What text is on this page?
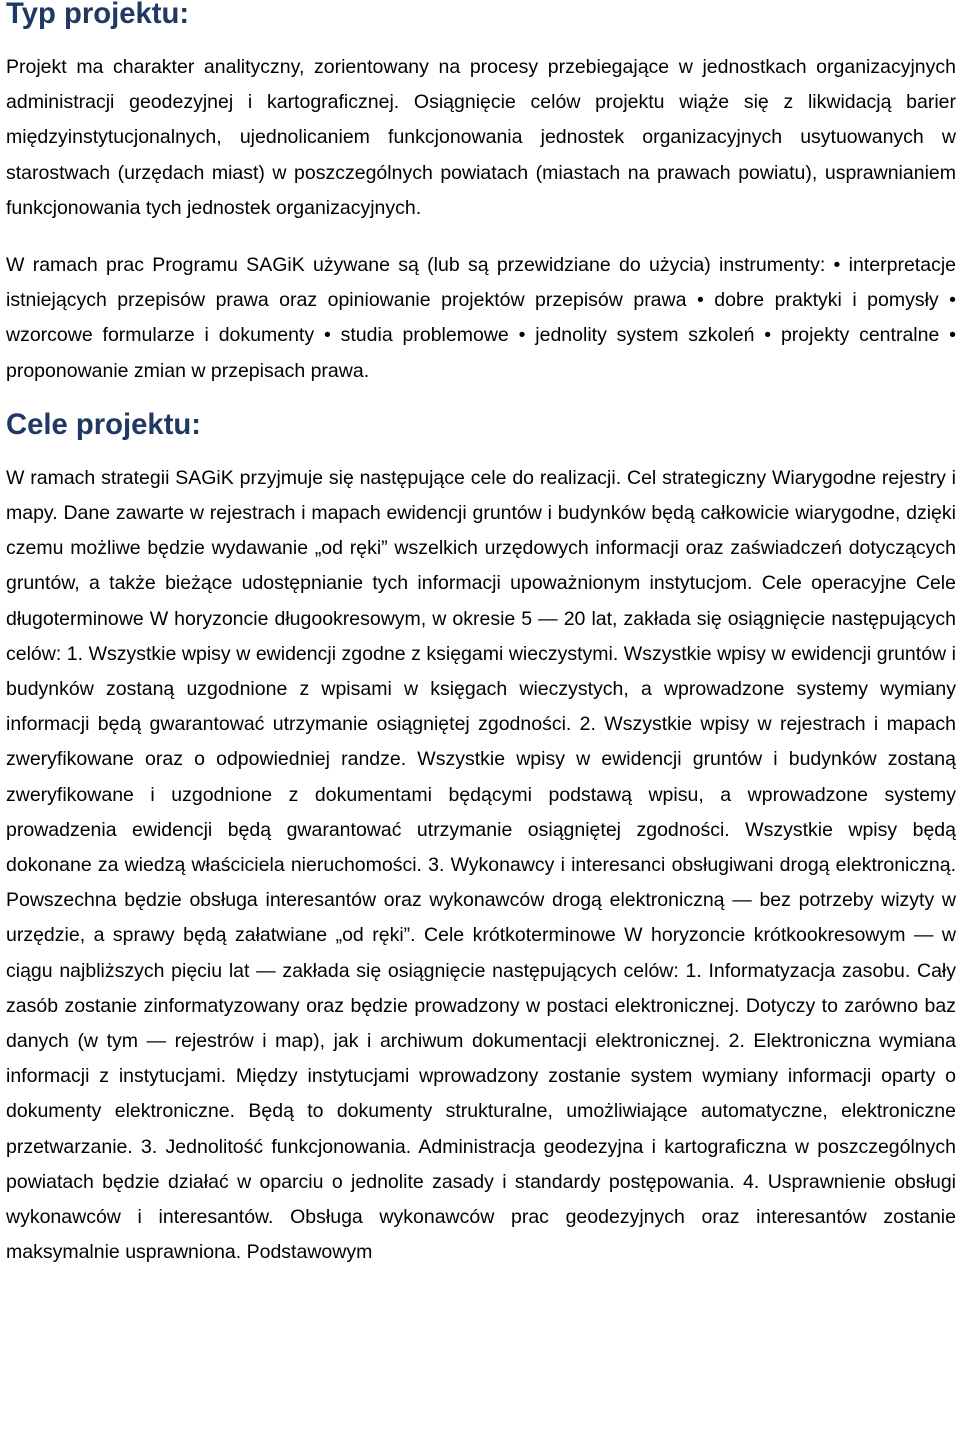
Typ projektu:

Projekt ma charakter analityczny, zorientowany na procesy przebiegające w jednostkach organizacyjnych administracji geodezyjnej i kartograficznej. Osiągnięcie celów projektu wiąże się z likwidacją barier międzyinstytucjonalnych, ujednolicaniem funkcjonowania jednostek organizacyjnych usytuowanych w starostwach (urzędach miast) w poszczególnych powiatach (miastach na prawach powiatu), usprawnianiem funkcjonowania tych jednostek organizacyjnych.

W ramach prac Programu SAGiK używane są (lub są przewidziane do użycia) instrumenty: • interpretacje istniejących przepisów prawa oraz opiniowanie projektów przepisów prawa • dobre praktyki i pomysły • wzorcowe formularze i dokumenty • studia problemowe • jednolity system szkoleń • projekty centralne • proponowanie zmian w przepisach prawa.

Cele projektu:

W ramach strategii SAGiK przyjmuje się następujące cele do realizacji. Cel strategiczny Wiarygodne rejestry i mapy. Dane zawarte w rejestrach i mapach ewidencji gruntów i budynków będą całkowicie wiarygodne, dzięki czemu możliwe będzie wydawanie „od ręki” wszelkich urzędowych informacji oraz zaświadczeń dotyczących gruntów, a także bieżące udostępnianie tych informacji upoważnionym instytucjom. Cele operacyjne Cele długoterminowe W horyzoncie długookresowym, w okresie 5 — 20 lat, zakłada się osiągnięcie następujących celów: 1. Wszystkie wpisy w ewidencji zgodne z księgami wieczystymi. Wszystkie wpisy w ewidencji gruntów i budynków zostaną uzgodnione z wpisami w księgach wieczystych, a wprowadzone systemy wymiany informacji będą gwarantować utrzymanie osiągniętej zgodności. 2. Wszystkie wpisy w rejestrach i mapach zweryfikowane oraz o odpowiedniej randze. Wszystkie wpisy w ewidencji gruntów i budynków zostaną zweryfikowane i uzgodnione z dokumentami będącymi podstawą wpisu, a wprowadzone systemy prowadzenia ewidencji będą gwarantować utrzymanie osiągniętej zgodności. Wszystkie wpisy będą dokonane za wiedzą właściciela nieruchomości. 3. Wykonawcy i interesanci obsługiwani drogą elektroniczną. Powszechna będzie obsługa interesantów oraz wykonawców drogą elektroniczną — bez potrzeby wizyty w urzędzie, a sprawy będą załatwiane „od ręki”. Cele krótkoterminowe W horyzoncie krótkookresowym — w ciągu najbliższych pięciu lat — zakłada się osiągnięcie następujących celów: 1. Informatyzacja zasobu. Cały zasób zostanie zinformatyzowany oraz będzie prowadzony w postaci elektronicznej. Dotyczy to zarówno baz danych (w tym — rejestrów i map), jak i archiwum dokumentacji elektronicznej. 2. Elektroniczna wymiana informacji z instytucjami. Między instytucjami wprowadzony zostanie system wymiany informacji oparty o dokumenty elektroniczne. Będą to dokumenty strukturalne, umożliwiające automatyczne, elektroniczne przetwarzanie. 3. Jednolitość funkcjonowania. Administracja geodezyjna i kartograficzna w poszczególnych powiatach będzie działać w oparciu o jednolite zasady i standardy postępowania. 4. Usprawnienie obsługi wykonawców i interesantów. Obsługa wykonawców prac geodezyjnych oraz interesantów zostanie maksymalnie usprawniona. Podstawowym
